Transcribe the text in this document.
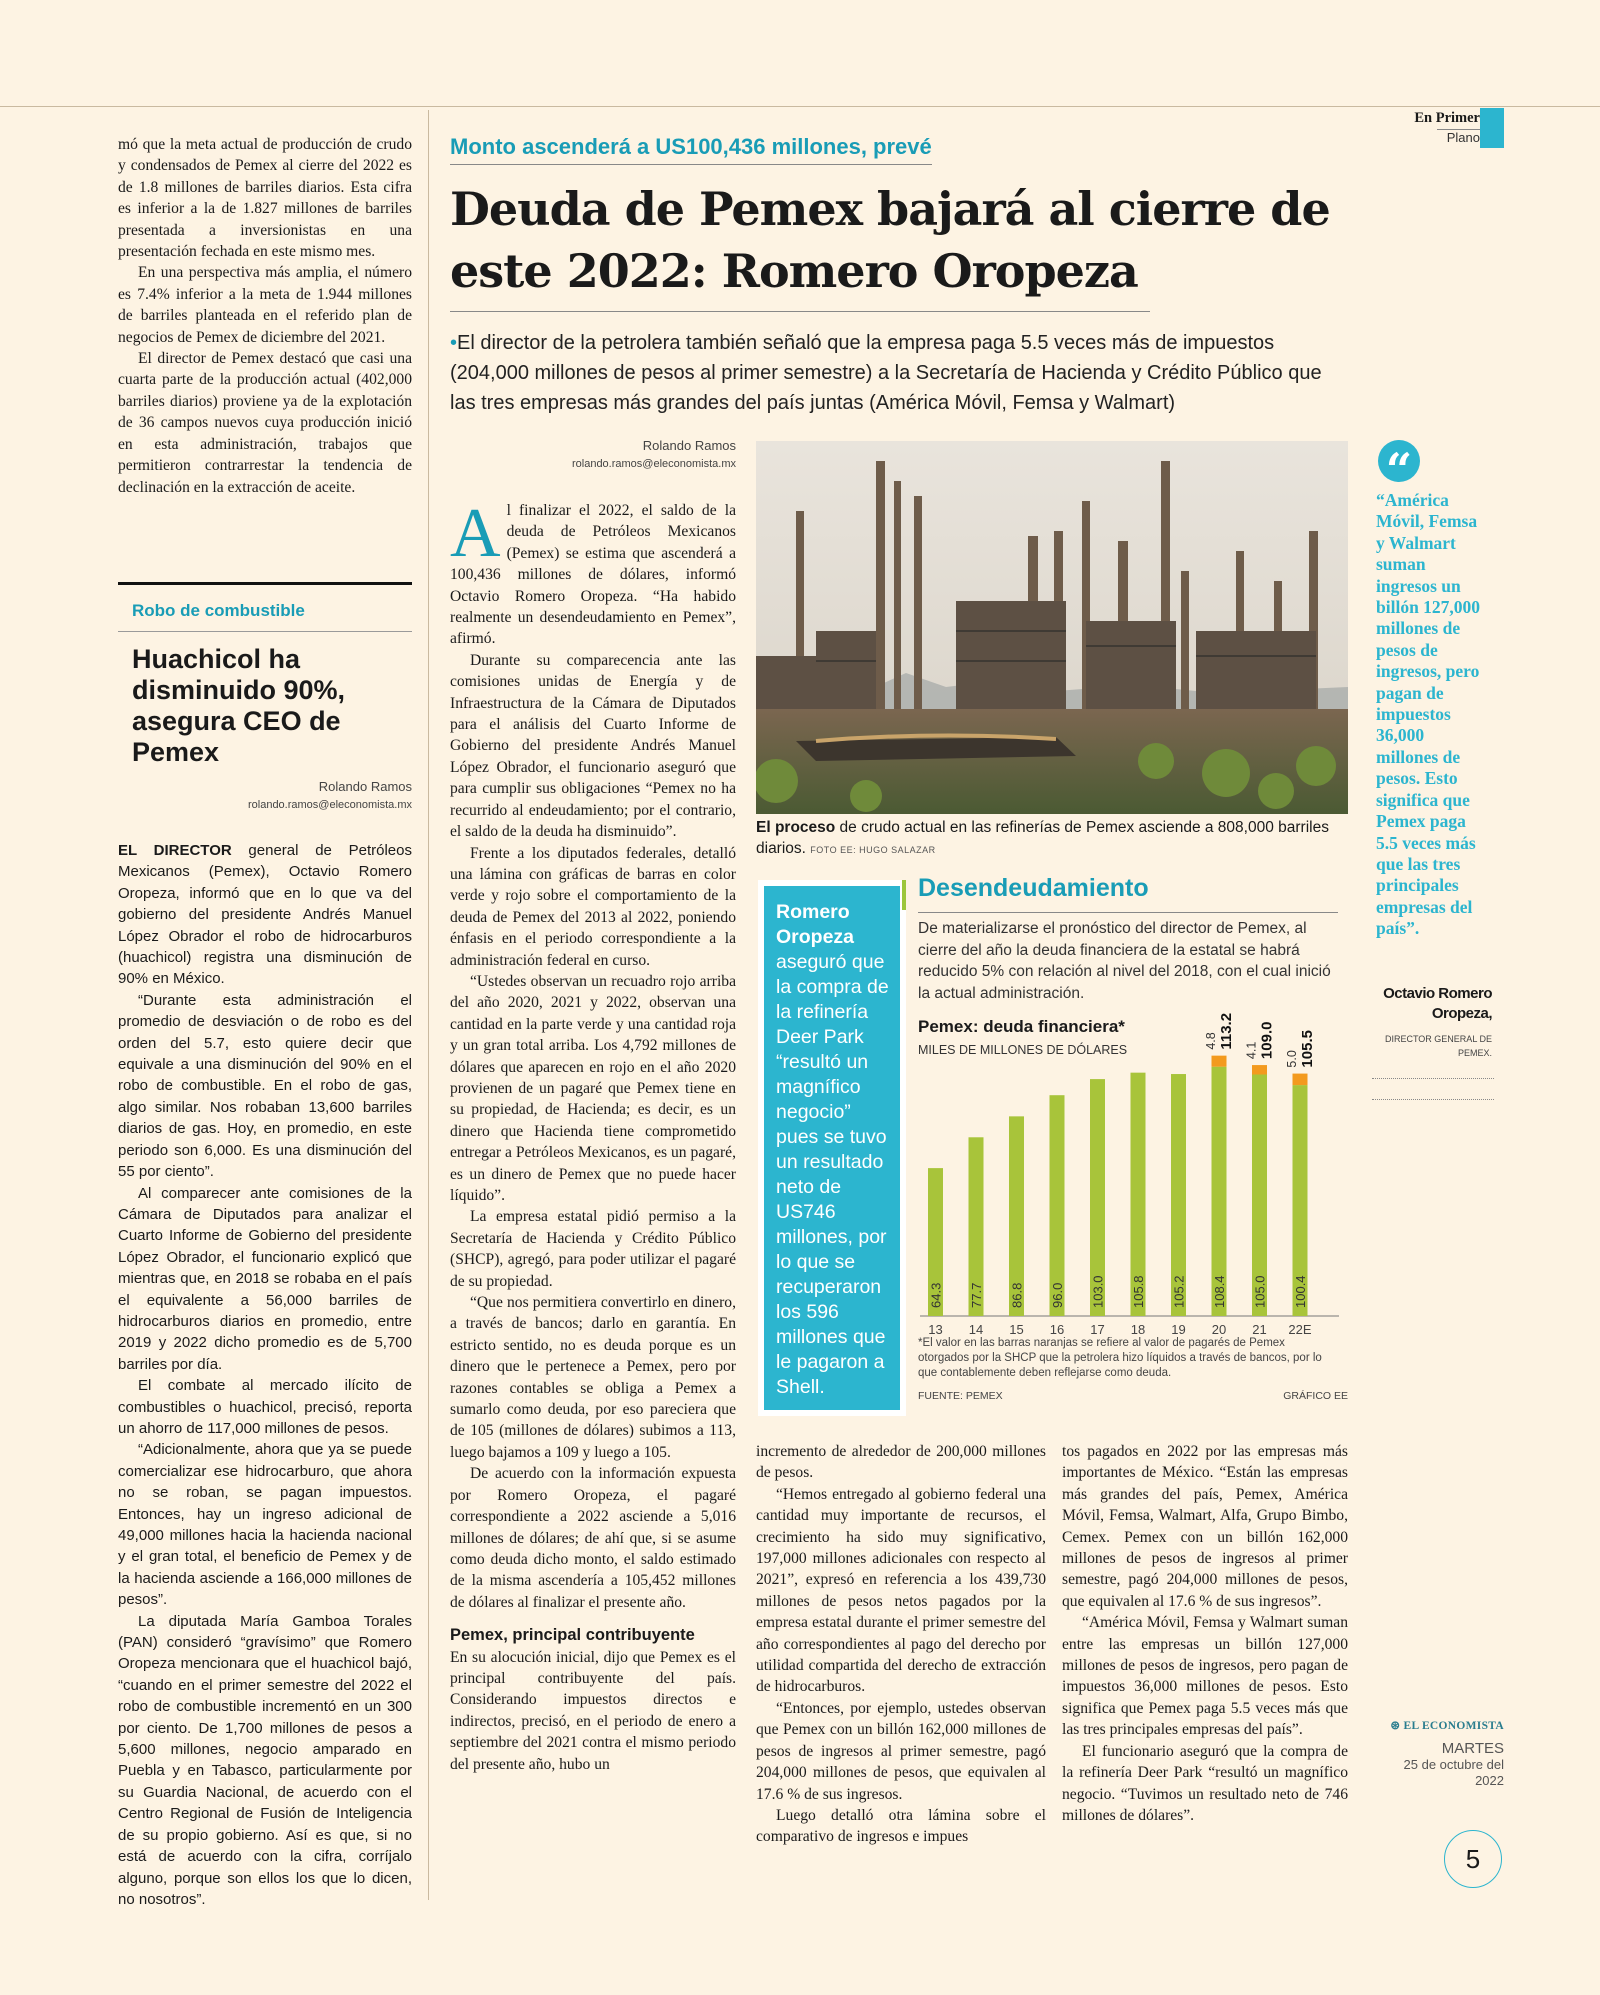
En Primer
Plano

mó que la meta actual de producción de crudo y condensados de Pemex al cierre del 2022 es de 1.8 millones de barriles diarios. Esta cifra es inferior a la de 1.827 millones de barriles presentada a inversionistas en una presentación fechada en este mismo mes.

En una perspectiva más amplia, el número es 7.4% inferior a la meta de 1.944 millones de barriles planteada en el referido plan de negocios de Pemex de diciembre del 2021.

El director de Pemex destacó que casi una cuarta parte de la producción actual (402,000 barriles diarios) proviene ya de la explotación de 36 campos nuevos cuya producción inició en esta administración, trabajos que permitieron contrarrestar la tendencia de declinación en la extracción de aceite.

Robo de combustible
Huachicol ha disminuido 90%, asegura CEO de Pemex
Rolando Ramos
rolando.ramos@eleconomista.mx

EL DIRECTOR general de Petróleos Mexicanos (Pemex), Octavio Romero Oropeza, informó que en lo que va del gobierno del presidente Andrés Manuel López Obrador el robo de hidrocarburos (huachicol) registra una disminución de 90% en México.

“Durante esta administración el promedio de desviación o de robo es del orden del 5.7, esto quiere decir que equivale a una disminución del 90% en el robo de combustible. En el robo de gas, algo similar. Nos robaban 13,600 barriles diarios de gas. Hoy, en promedio, en este periodo son 6,000. Es una disminución del 55 por ciento”.

Al comparecer ante comisiones de la Cámara de Diputados para analizar el Cuarto Informe de Gobierno del presidente López Obrador, el funcionario explicó que mientras que, en 2018 se robaba en el país el equivalente a 56,000 barriles de hidrocarburos diarios en promedio, entre 2019 y 2022 dicho promedio es de 5,700 barriles por día.

El combate al mercado ilícito de combustibles o huachicol, precisó, reporta un ahorro de 117,000 millones de pesos.

“Adicionalmente, ahora que ya se puede comercializar ese hidrocarburo, que ahora no se roban, se pagan impuestos. Entonces, hay un ingreso adicional de 49,000 millones hacia la hacienda nacional y el gran total, el beneficio de Pemex y de la hacienda asciende a 166,000 millones de pesos”.

La diputada María Gamboa Torales (PAN) consideró “gravísimo” que Romero Oropeza mencionara que el huachicol bajó, “cuando en el primer semestre del 2022 el robo de combustible incrementó en un 300 por ciento. De 1,700 millones de pesos a 5,600 millones, negocio amparado en Puebla y en Tabasco, particularmente por su Guardia Nacional, de acuerdo con el Centro Regional de Fusión de Inteligencia de su propio gobierno. Así es que, si no está de acuerdo con la cifra, corríjalo alguno, porque son ellos los que lo dicen, no nosotros”.

Monto ascenderá a US100,436 millones, prevé
Deuda de Pemex bajará al cierre de este 2022: Romero Oropeza
•El director de la petrolera también señaló que la empresa paga 5.5 veces más de impuestos (204,000 millones de pesos al primer semestre) a la Secretaría de Hacienda y Crédito Público que las tres empresas más grandes del país juntas (América Móvil, Femsa y Walmart)
Rolando Ramos
rolando.ramos@eleconomista.mx

Al finalizar el 2022, el saldo de la deuda de Petróleos Mexicanos (Pemex) se estima que ascenderá a 100,436 millones de dólares, informó Octavio Romero Oropeza. “Ha habido realmente un desendeudamiento en Pemex”, afirmó.

Durante su comparecencia ante las comisiones unidas de Energía y de Infraestructura de la Cámara de Diputados para el análisis del Cuarto Informe de Gobierno del presidente Andrés Manuel López Obrador, el funcionario aseguró que para cumplir sus obligaciones “Pemex no ha recurrido al endeudamiento; por el contrario, el saldo de la deuda ha disminuido”.

Frente a los diputados federales, detalló una lámina con gráficas de barras en color verde y rojo sobre el comportamiento de la deuda de Pemex del 2013 al 2022, poniendo énfasis en el periodo correspondiente a la administración federal en curso.

“Ustedes observan un recuadro rojo arriba del año 2020, 2021 y 2022, observan una cantidad en la parte verde y una cantidad roja y un gran total arriba. Los 4,792 millones de dólares que aparecen en rojo en el año 2020 provienen de un pagaré que Pemex tiene en su propiedad, de Hacienda; es decir, es un dinero que Hacienda tiene comprometido entregar a Petróleos Mexicanos, es un pagaré, es un dinero de Pemex que no puede hacer líquido”.

La empresa estatal pidió permiso a la Secretaría de Hacienda y Crédito Público (SHCP), agregó, para poder utilizar el pagaré de su propiedad.

“Que nos permitiera convertirlo en dinero, a través de bancos; darlo en garantía. En estricto sentido, no es deuda porque es un dinero que le pertenece a Pemex, pero por razones contables se obliga a Pemex a sumarlo como deuda, por eso pareciera que de 105 (millones de dólares) subimos a 113, luego bajamos a 109 y luego a 105.

De acuerdo con la información expuesta por Romero Oropeza, el pagaré correspondiente a 2022 asciende a 5,016 millones de dólares; de ahí que, si se asume como deuda dicho monto, el saldo estimado de la misma ascendería a 105,452 millones de dólares al finalizar el presente año.

Pemex, principal contribuyente

En su alocución inicial, dijo que Pemex es el principal contribuyente del país. Considerando impuestos directos e indirectos, precisó, en el periodo de enero a septiembre del 2021 contra el mismo periodo del presente año, hubo un

El proceso de crudo actual en las refinerías de Pemex asciende a 808,000 barriles diarios. FOTO EE: HUGO SALAZAR
Romero Oropeza aseguró que la compra de la refinería Deer Park “resultó un magnífico negocio” pues se tuvo un resultado neto de US746 millones, por lo que se recuperaron los 596 millones que le pagaron a Shell.
Desendeudamiento
De materializarse el pronóstico del director de Pemex, al cierre del año la deuda financiera de la estatal se habrá reducido 5% con relación al nivel del 2018, con el cual inició la actual administración.
Pemex: deuda financiera*
MILES DE MILLONES DE DÓLARES
64.3
13
77.7
14
86.8
15
96.0
16
103.0
17
105.8
18
105.2
19
108.4
4.8 113.2
20
105.0
4.1 109.0
21
100.4
5.0 105.5
22E
*El valor en las barras naranjas se refiere al valor de pagarés de Pemex otorgados por la SHCP que la petrolera hizo líquidos a través de bancos, por lo que contablemente deben reflejarse como deuda.
FUENTE: PEMEX	GRÁFICO EE

incremento de alrededor de 200,000 millones de pesos.

“Hemos entregado al gobierno federal una cantidad muy importante de recursos, el crecimiento ha sido muy significativo, 197,000 millones adicionales con respecto al 2021”, expresó en referencia a los 439,730 millones de pesos netos pagados por la empresa estatal durante el primer semestre del año correspondientes al pago del derecho por utilidad compartida del derecho de extracción de hidrocarburos.

“Entonces, por ejemplo, ustedes observan que Pemex con un billón 162,000 millones de pesos de ingresos al primer semestre, pagó 204,000 millones de pesos, que equivalen al 17.6 % de sus ingresos.

Luego detalló otra lámina sobre el comparativo de ingresos e impues

tos pagados en 2022 por las empresas más importantes de México. “Están las empresas más grandes del país, Pemex, América Móvil, Femsa, Walmart, Alfa, Grupo Bimbo, Cemex. Pemex con un billón 162,000 millones de pesos de ingresos al primer semestre, pagó 204,000 millones de pesos, que equivalen al 17.6 % de sus ingresos”.

“América Móvil, Femsa y Walmart suman entre las empresas un billón 127,000 millones de pesos de ingresos, pero pagan de impuestos 36,000 millones de pesos. Esto significa que Pemex paga 5.5 veces más que las tres principales empresas del país”.

El funcionario aseguró que la compra de la refinería Deer Park “resultó un magnífico negocio. “Tuvimos un resultado neto de 746 millones de dólares”.

“
“América Móvil, Femsa y Walmart suman ingresos un billón 127,000 millones de pesos de ingresos, pero pagan de impuestos 36,000 millones de pesos. Esto significa que Pemex paga 5.5 veces más que las tres principales empresas del país”.
Octavio Romero Oropeza,
DIRECTOR GENERAL DE PEMEX.
⊛ EL ECONOMISTA
MARTES
25 de octubre del 2022
5
